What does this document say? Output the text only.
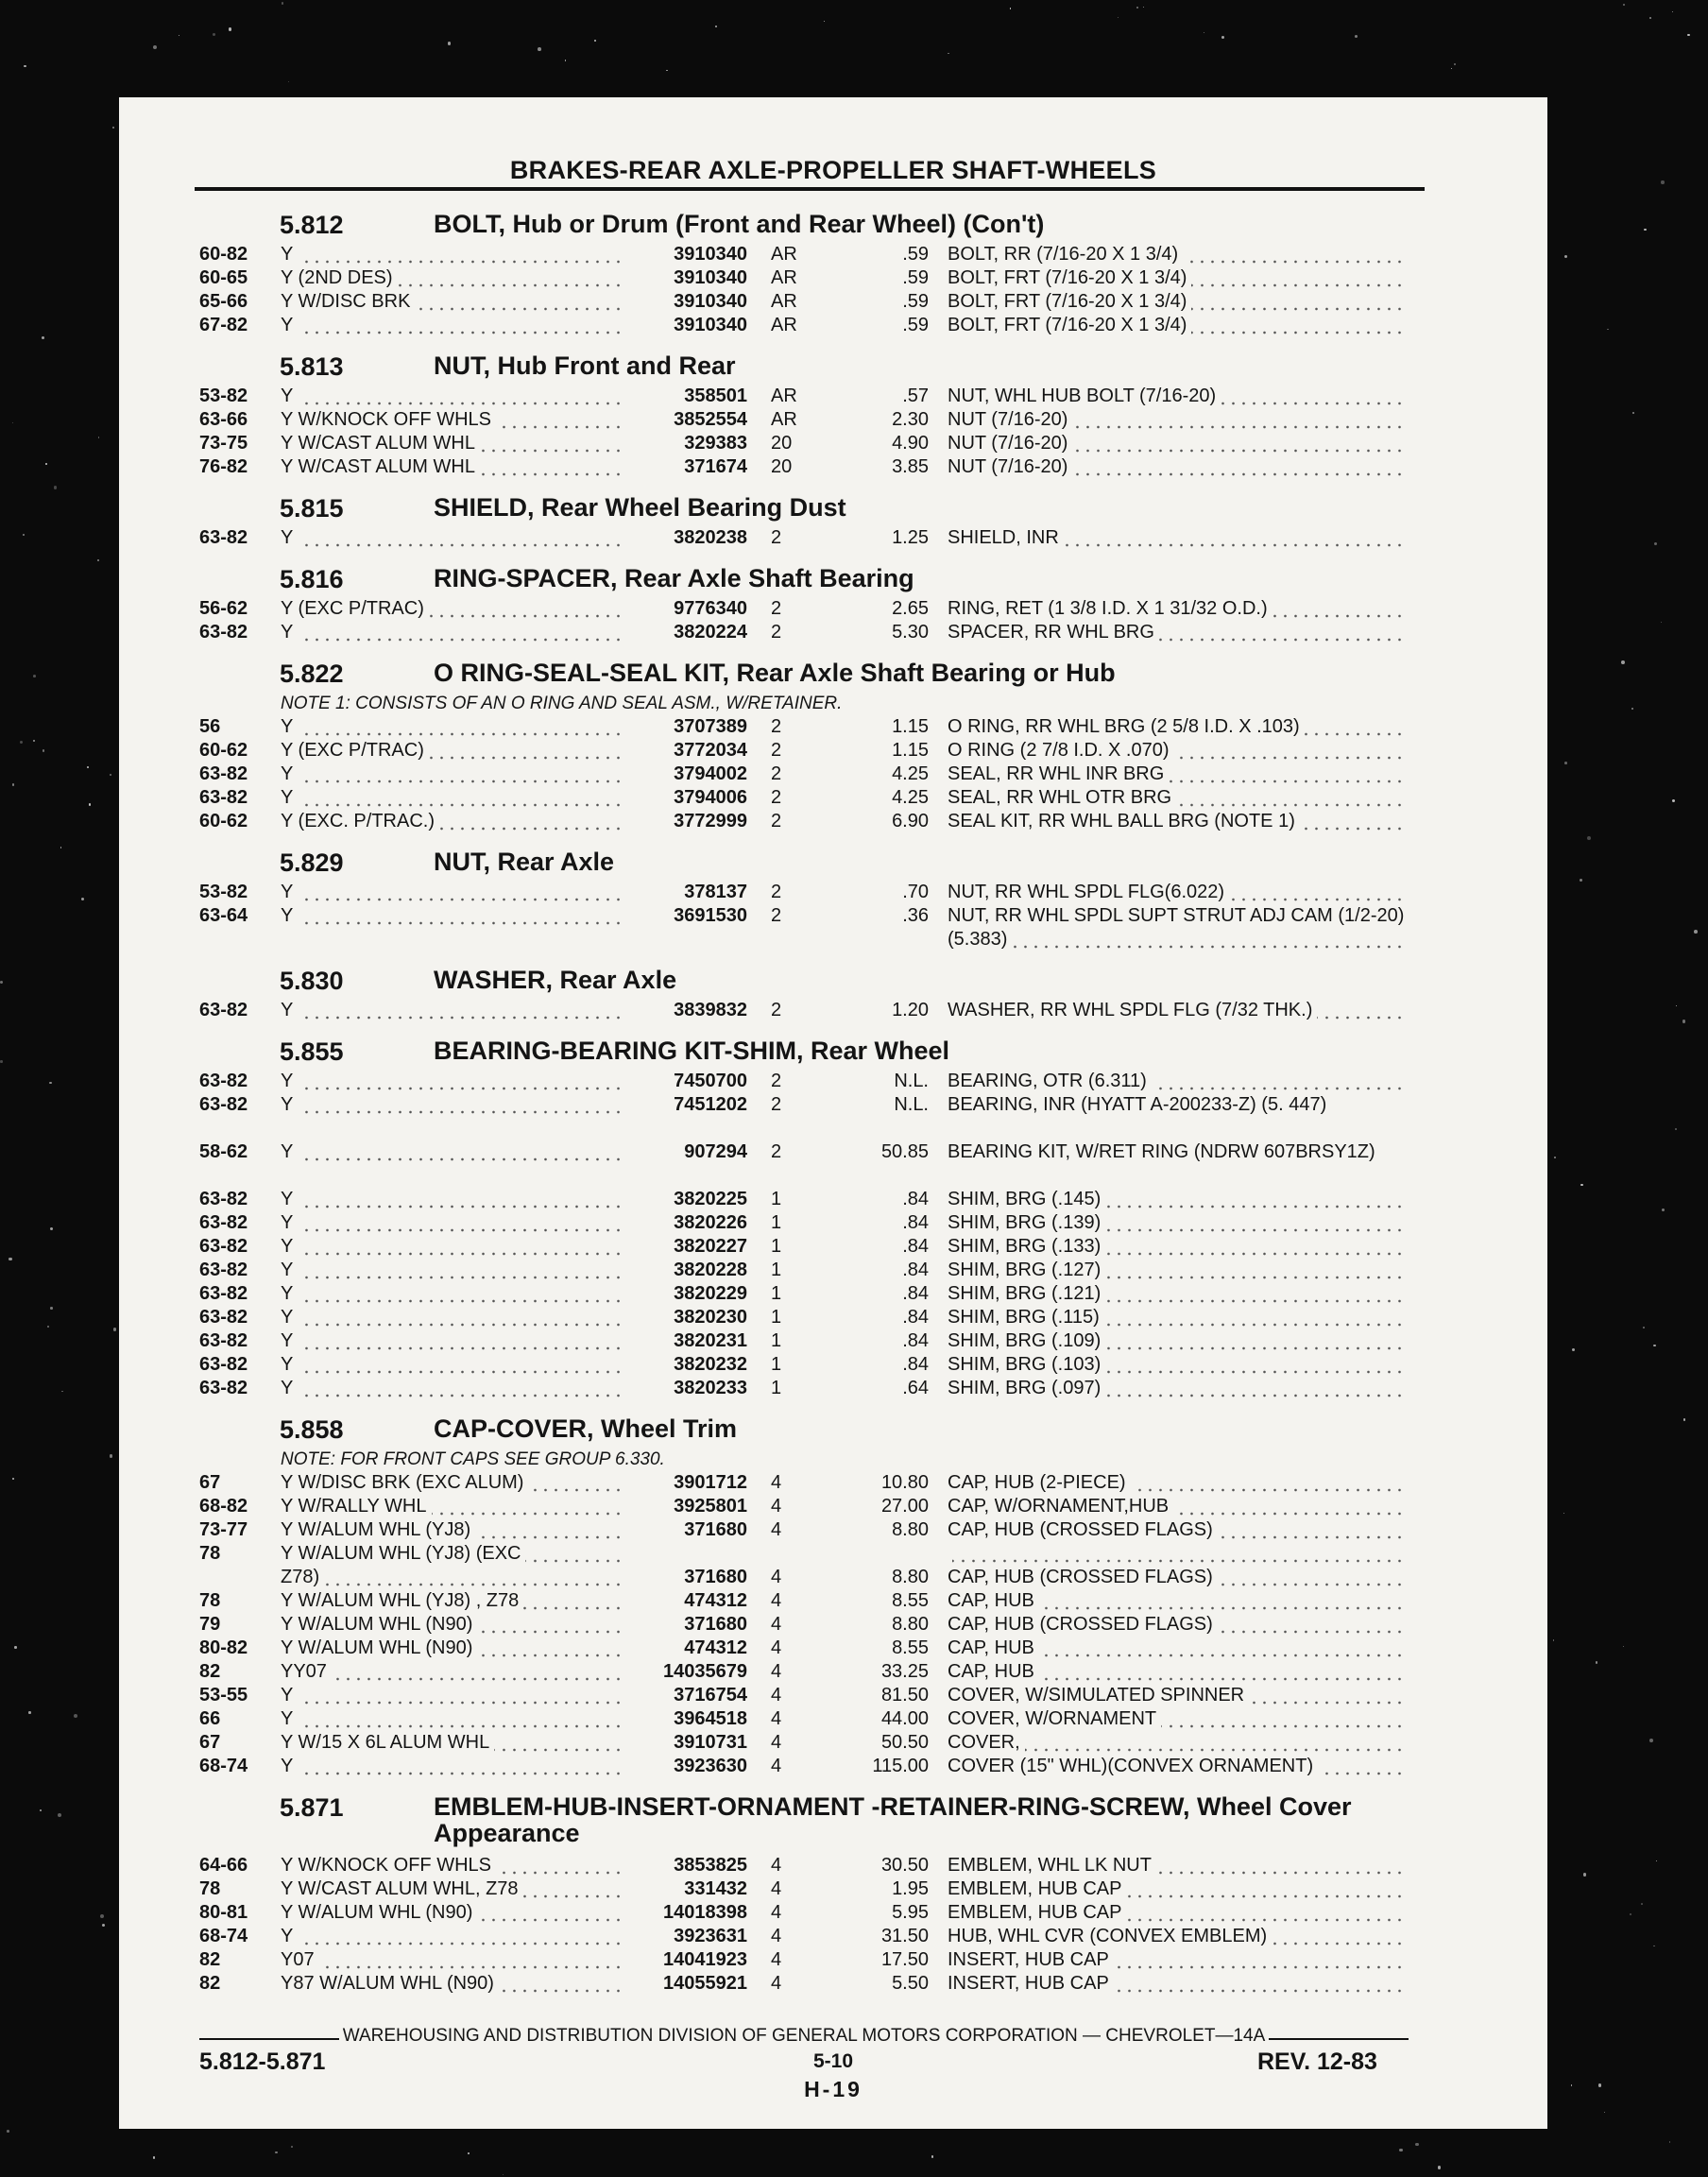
BRAKES-REAR AXLE-PROPELLER SHAFT-WHEELS
5.812	BOLT, Hub or Drum (Front and Rear Wheel) (Con't)
60-82 Y	3910340 AR	.59 BOLT, RR (7/16-20 X 1 3/4)
60-65 Y (2ND DES)	3910340 AR	.59 BOLT, FRT (7/16-20 X 1 3/4)
65-66 Y W/DISC BRK	3910340 AR	.59 BOLT, FRT (7/16-20 X 1 3/4)
67-82 Y	3910340 AR	.59 BOLT, FRT (7/16-20 X 1 3/4)
5.813	NUT, Hub Front and Rear
53-82 Y	358501 AR	.57 NUT, WHL HUB BOLT (7/16-20)
63-66 Y W/KNOCK OFF WHLS	3852554 AR	2.30 NUT (7/16-20)
73-75 Y W/CAST ALUM WHL	329383 20	4.90 NUT (7/16-20)
76-82 Y W/CAST ALUM WHL	371674 20	3.85 NUT (7/16-20)
5.815	SHIELD, Rear Wheel Bearing Dust
63-82 Y	3820238 2	1.25 SHIELD, INR
5.816	RING-SPACER, Rear Axle Shaft Bearing
56-62 Y (EXC P/TRAC)	9776340 2	2.65 RING, RET (1 3/8 I.D. X 1 31/32 O.D.)
63-82 Y	3820224 2	5.30 SPACER, RR WHL BRG
5.822	O RING-SEAL-SEAL KIT, Rear Axle Shaft Bearing or Hub
NOTE 1: CONSISTS OF AN O RING AND SEAL ASM., W/RETAINER.
56	Y	3707389 2	1.15 O RING, RR WHL BRG (2 5/8 I.D. X .103)
60-62 Y (EXC P/TRAC)	3772034 2	1.15 O RING (2 7/8 I.D. X .070)
63-82 Y	3794002 2	4.25 SEAL, RR WHL INR BRG
63-82 Y	3794006 2	4.25 SEAL, RR WHL OTR BRG
60-62 Y (EXC. P/TRAC.)	3772999 2	6.90 SEAL KIT, RR WHL BALL BRG (NOTE 1)
5.829	NUT, Rear Axle
53-82 Y	378137 2	.70 NUT, RR WHL SPDL FLG(6.022)
63-64 Y	3691530 2	.36 NUT, RR WHL SPDL SUPT STRUT ADJ CAM (1/2-20) (5.383)
5.830	WASHER, Rear Axle
63-82 Y	3839832 2	1.20 WASHER, RR WHL SPDL FLG (7/32 THK.)
5.855	BEARING-BEARING KIT-SHIM, Rear Wheel
63-82 Y	7450700 2	N.L. BEARING, OTR (6.311)
63-82 Y	7451202 2	N.L. BEARING, INR (HYATT A-200233-Z) (5. 447)
58-62 Y	907294 2	50.85 BEARING KIT, W/RET RING (NDRW 607BRSY1Z)
63-82 Y	3820225 1	.84 SHIM, BRG (.145)
63-82 Y	3820226 1	.84 SHIM, BRG (.139)
63-82 Y	3820227 1	.84 SHIM, BRG (.133)
63-82 Y	3820228 1	.84 SHIM, BRG (.127)
63-82 Y	3820229 1	.84 SHIM, BRG (.121)
63-82 Y	3820230 1	.84 SHIM, BRG (.115)
63-82 Y	3820231 1	.84 SHIM, BRG (.109)
63-82 Y	3820232 1	.84 SHIM, BRG (.103)
63-82 Y	3820233 1	.64 SHIM, BRG (.097)
5.858	CAP-COVER, Wheel Trim
NOTE: FOR FRONT CAPS SEE GROUP 6.330.
67	Y W/DISC BRK (EXC ALUM)	3901712 4	10.80 CAP, HUB (2-PIECE)
68-82 Y W/RALLY WHL	3925801 4	27.00 CAP, W/ORNAMENT,HUB
73-77 Y W/ALUM WHL (YJ8)	371680 4	8.80 CAP, HUB (CROSSED FLAGS)
78	Y W/ALUM WHL (YJ8) (EXC
Z78)	371680 4	8.80 CAP, HUB (CROSSED FLAGS)
78	Y W/ALUM WHL (YJ8) , Z78	474312 4	8.55 CAP, HUB
79	Y W/ALUM WHL (N90)	371680 4	8.80 CAP, HUB (CROSSED FLAGS)
80-82 Y W/ALUM WHL (N90)	474312 4	8.55 CAP, HUB
82	YY07	14035679 4	33.25 CAP, HUB
53-55 Y	3716754 4	81.50 COVER, W/SIMULATED SPINNER
66	Y	3964518 4	44.00 COVER, W/ORNAMENT
67	Y W/15 X 6L ALUM WHL	3910731 4	50.50 COVER,
68-74 Y	3923630 4	115.00 COVER (15" WHL)(CONVEX ORNAMENT)
5.871	EMBLEM-HUB-INSERT-ORNAMENT -RETAINER-RING-SCREW, Wheel Cover Appearance
64-66 Y W/KNOCK OFF WHLS	3853825 4	30.50 EMBLEM, WHL LK NUT
78	Y W/CAST ALUM WHL, Z78	331432 4	1.95 EMBLEM, HUB CAP
80-81 Y W/ALUM WHL (N90)	14018398 4	5.95 EMBLEM, HUB CAP
68-74 Y	3923631 4	31.50 HUB, WHL CVR (CONVEX EMBLEM)
82	Y07	14041923 4	17.50 INSERT, HUB CAP
82	Y87 W/ALUM WHL (N90)	14055921 4	5.50 INSERT, HUB CAP
WAREHOUSING AND DISTRIBUTION DIVISION OF GENERAL MOTORS CORPORATION — CHEVROLET—14A
5.812-5.871	5-10	REV. 12-83
H-19
